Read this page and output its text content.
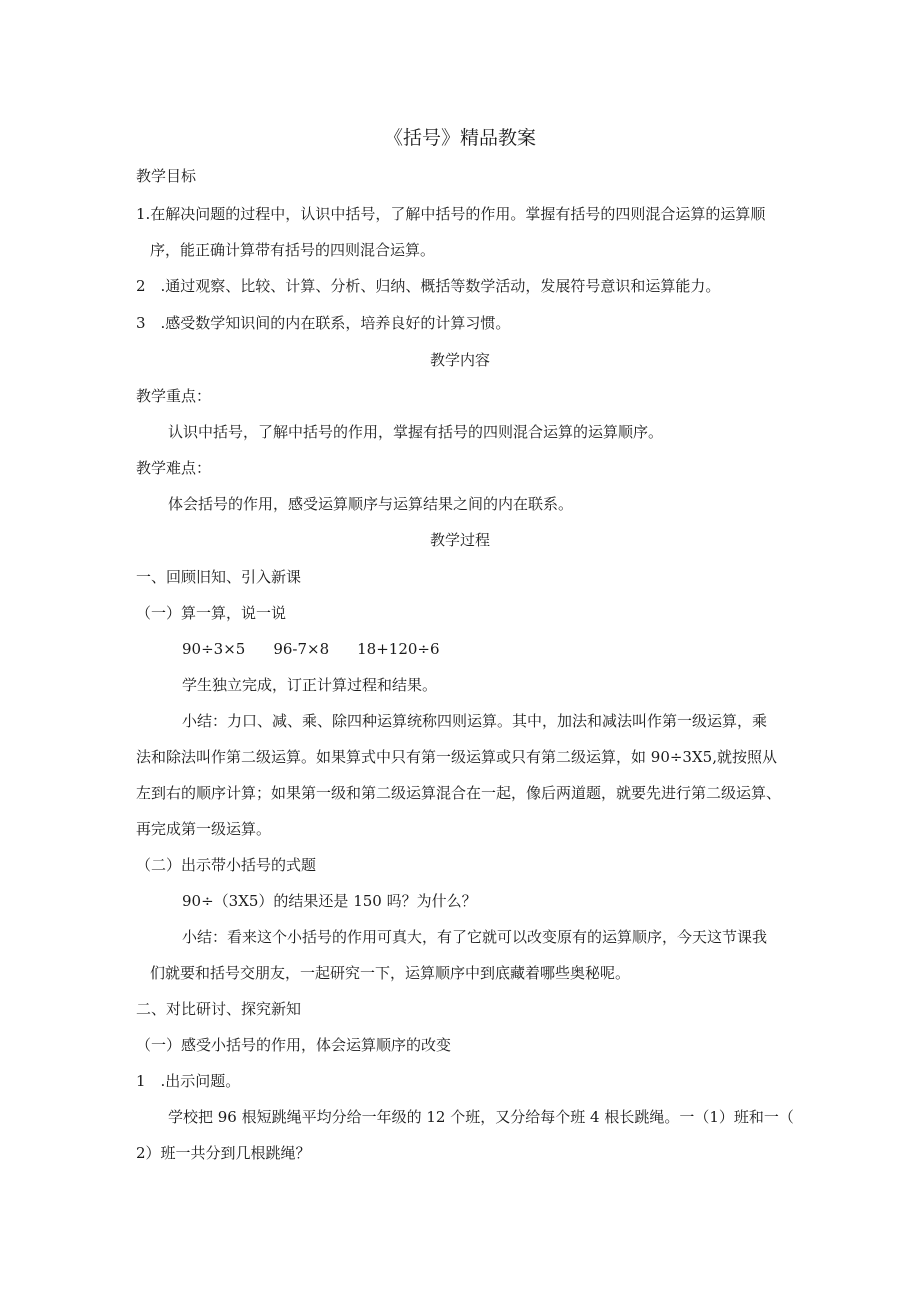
《括号》精品教案
教学目标
1.在解决问题的过程中，认识中括号，了解中括号的作用。掌握有括号的四则混合运算的运算顺
序，能正确计算带有括号的四则混合运算。
2　.通过观察、比较、计算、分析、归纳、概括等数学活动，发展符号意识和运算能力。
3　.感受数学知识间的内在联系，培养良好的计算习惯。
教学内容
教学重点：
认识中括号，了解中括号的作用，掌握有括号的四则混合运算的运算顺序。
教学难点：
体会括号的作用，感受运算顺序与运算结果之间的内在联系。
教学过程
一、回顾旧知、引入新课
（一）算一算，说一说
90÷3×5 96-7×8 18+120÷6
学生独立完成，订正计算过程和结果。
小结：力口、减、乘、除四种运算统称四则运算。其中，加法和减法叫作第一级运算，乘
法和除法叫作第二级运算。如果算式中只有第一级运算或只有第二级运算，如 90÷3X5,就按照从
左到右的顺序计算；如果第一级和第二级运算混合在一起，像后两道题，就要先进行第二级运算、
再完成第一级运算。
（二）出示带小括号的式题
90÷（3X5）的结果还是 150 吗？为什么？
小结：看来这个小括号的作用可真大，有了它就可以改变原有的运算顺序，今天这节课我
们就要和括号交朋友，一起研究一下，运算顺序中到底藏着哪些奥秘呢。
二、对比研讨、探究新知
（一）感受小括号的作用，体会运算顺序的改变
1　.出示问题。
学校把 96 根短跳绳平均分给一年级的 12 个班，又分给每个班 4 根长跳绳。一（1）班和一（
2）班一共分到几根跳绳？
